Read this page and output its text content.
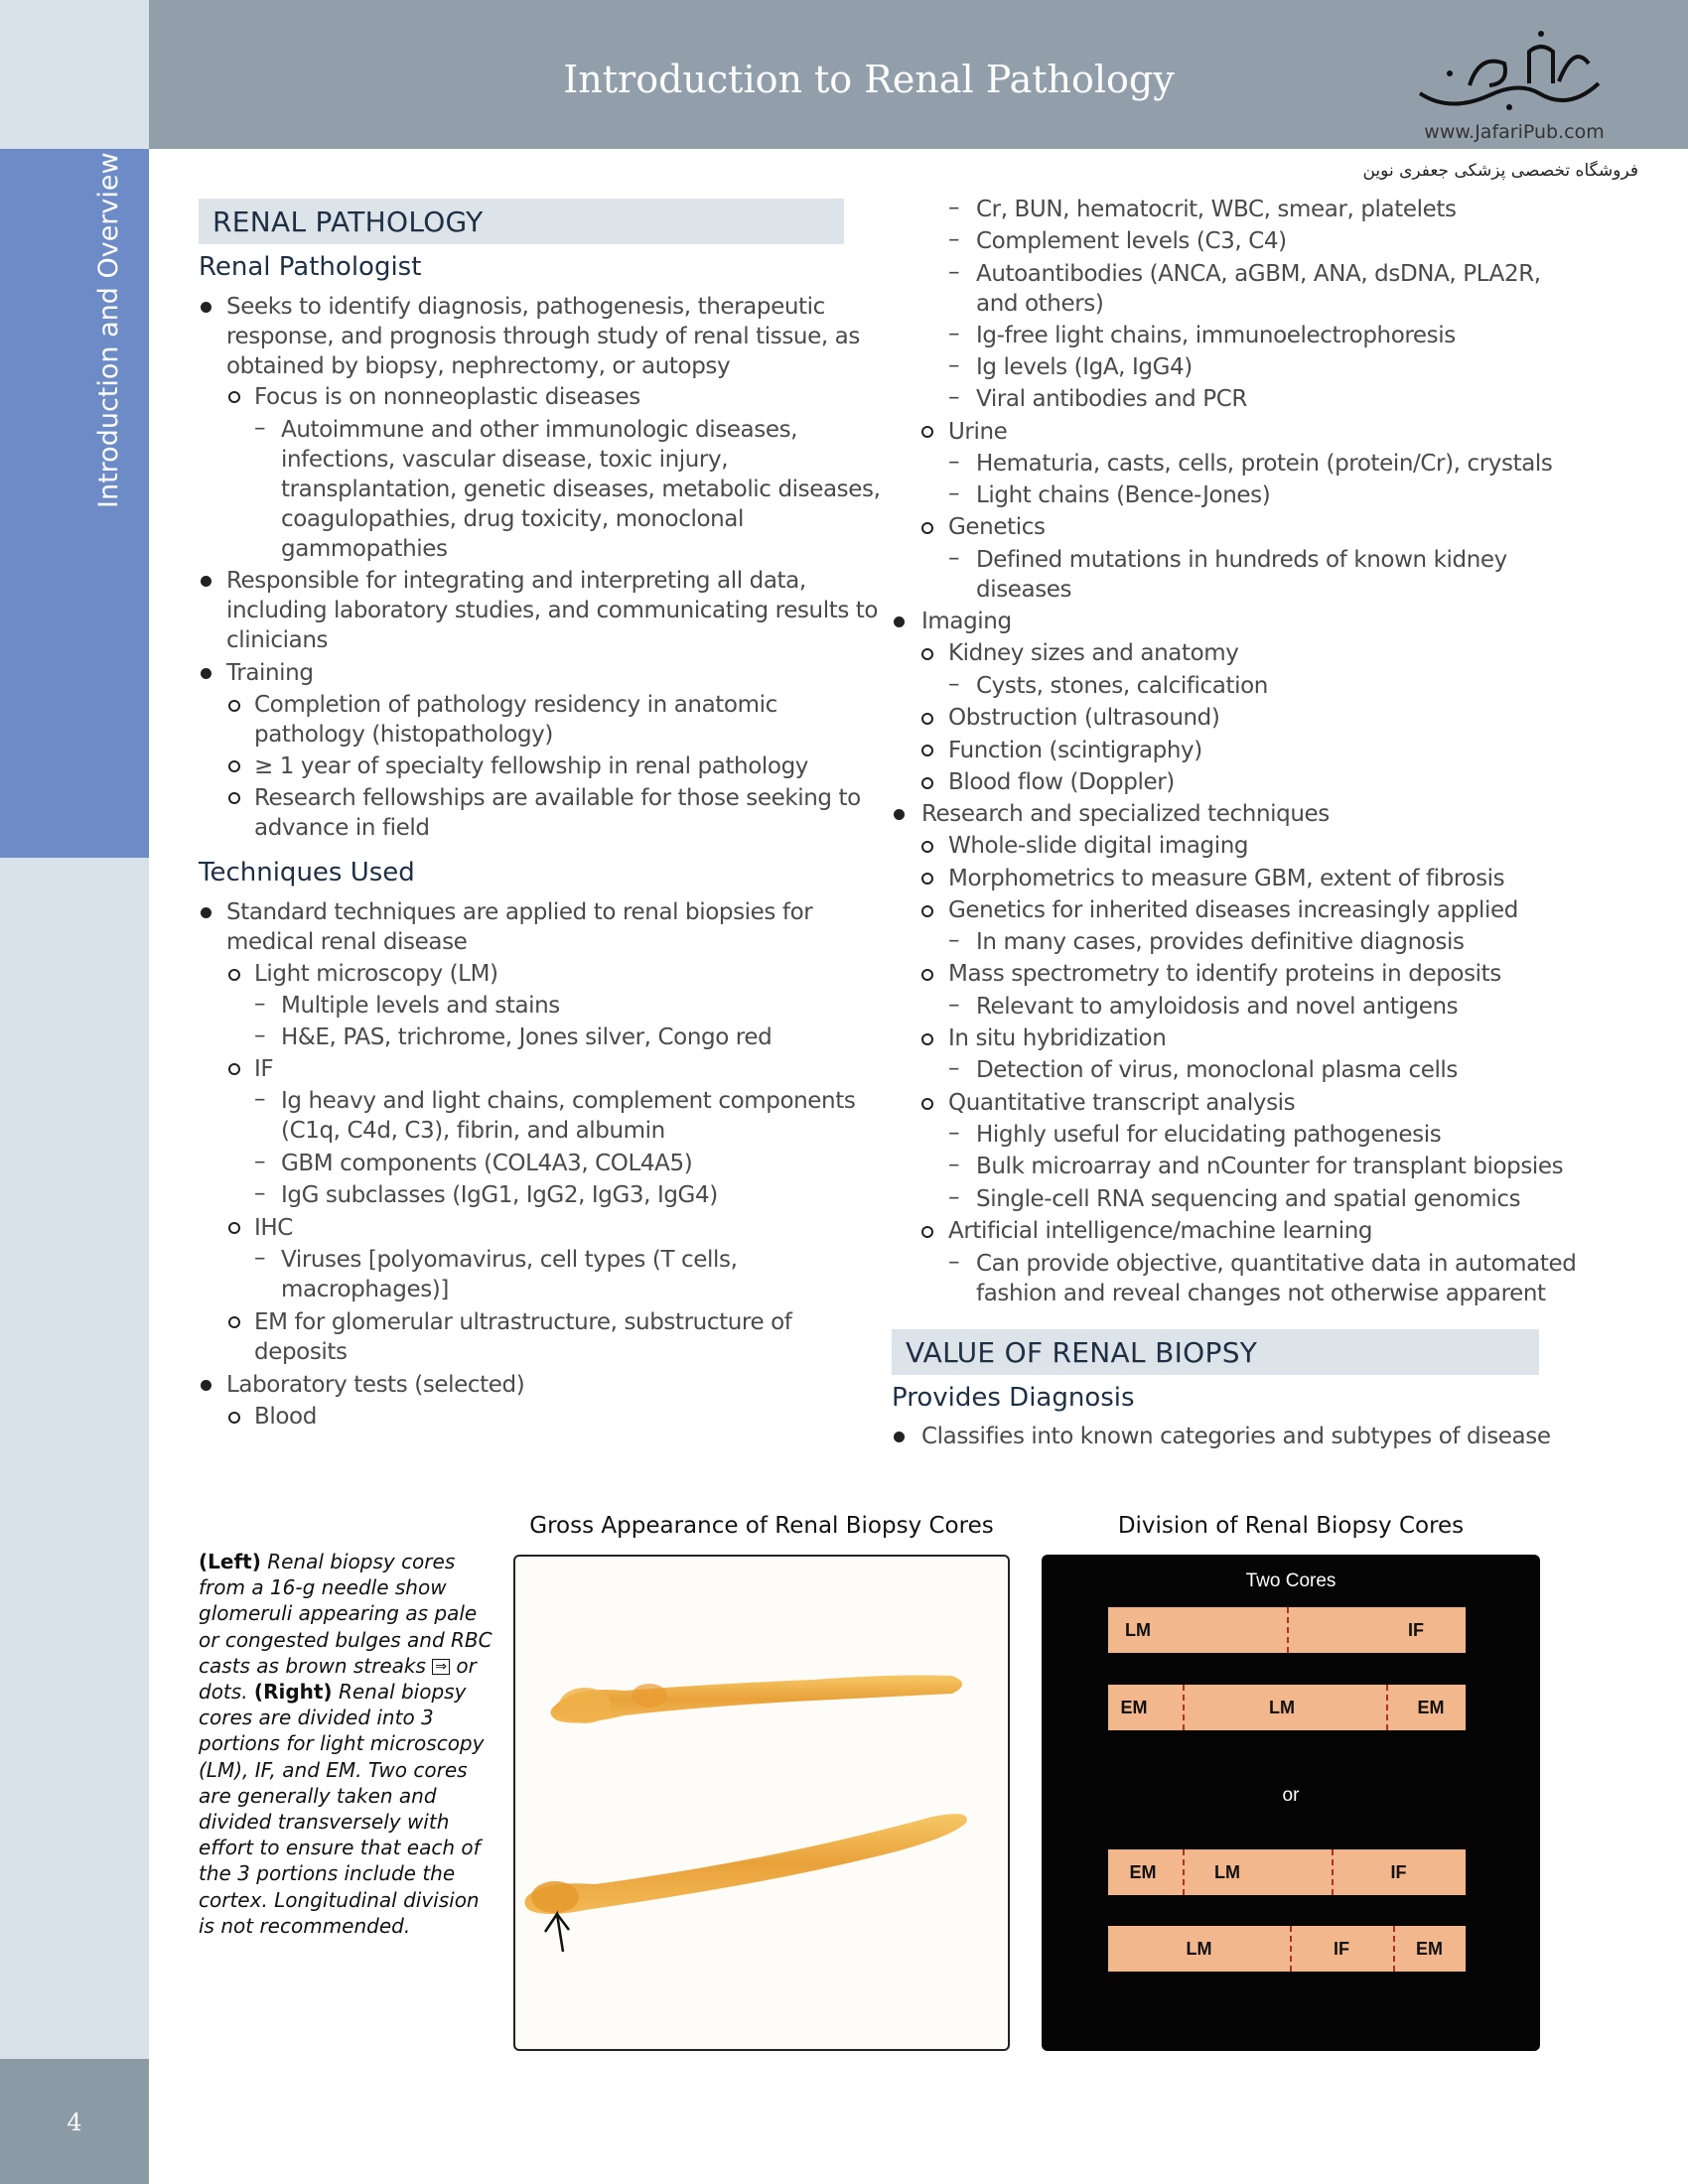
Introduction and Overview
4
Introduction to Renal Pathology
www.JafariPub.com
فروشگاه تخصصی پزشکی جعفری نوین
RENAL PATHOLOGY
Renal Pathologist
Seeks to identify diagnosis, pathogenesis, therapeutic
response, and prognosis through study of renal tissue, as
obtained by biopsy, nephrectomy, or autopsy
Focus is on nonneoplastic diseases
– Autoimmune and other immunologic diseases,
infections, vascular disease, toxic injury,
transplantation, genetic diseases, metabolic diseases,
coagulopathies, drug toxicity, monoclonal
gammopathies
Responsible for integrating and interpreting all data,
including laboratory studies, and communicating results to
clinicians
Training
Completion of pathology residency in anatomic
pathology (histopathology)
≥ 1 year of specialty fellowship in renal pathology
Research fellowships are available for those seeking to
advance in field
Techniques Used
Standard techniques are applied to renal biopsies for
medical renal disease
Light microscopy (LM)
– Multiple levels and stains
– H&E, PAS, trichrome, Jones silver, Congo red
IF
– Ig heavy and light chains, complement components
(C1q, C4d, C3), fibrin, and albumin
– GBM components (COL4A3, COL4A5)
– IgG subclasses (IgG1, IgG2, IgG3, IgG4)
IHC
– Viruses [polyomavirus, cell types (T cells,
macrophages)]
EM for glomerular ultrastructure, substructure of
deposits
Laboratory tests (selected)
Blood
– Cr, BUN, hematocrit, WBC, smear, platelets
– Complement levels (C3, C4)
– Autoantibodies (ANCA, aGBM, ANA, dsDNA, PLA2R,
and others)
– Ig-free light chains, immunoelectrophoresis
– Ig levels (IgA, IgG4)
– Viral antibodies and PCR
Urine
– Hematuria, casts, cells, protein (protein/Cr), crystals
– Light chains (Bence-Jones)
Genetics
– Defined mutations in hundreds of known kidney
diseases
Imaging
Kidney sizes and anatomy
– Cysts, stones, calcification
Obstruction (ultrasound)
Function (scintigraphy)
Blood flow (Doppler)
Research and specialized techniques
Whole-slide digital imaging
Morphometrics to measure GBM, extent of fibrosis
Genetics for inherited diseases increasingly applied
– In many cases, provides definitive diagnosis
Mass spectrometry to identify proteins in deposits
– Relevant to amyloidosis and novel antigens
In situ hybridization
– Detection of virus, monoclonal plasma cells
Quantitative transcript analysis
– Highly useful for elucidating pathogenesis
– Bulk microarray and nCounter for transplant biopsies
– Single-cell RNA sequencing and spatial genomics
Artificial intelligence/machine learning
– Can provide objective, quantitative data in automated
fashion and reveal changes not otherwise apparent
VALUE OF RENAL BIOPSY
Provides Diagnosis
Classifies into known categories and subtypes of disease
Gross Appearance of Renal Biopsy Cores	Division of Renal Biopsy Cores
(Left) Renal biopsy cores from a 16-g needle show glomeruli appearing as pale or congested bulges and RBC casts as brown streaks ⇒ or dots. (Right) Renal biopsy cores are divided into 3 portions for light microscopy (LM), IF, and EM. Two cores are generally taken and divided transversely with effort to ensure that each of the 3 portions include the cortex. Longitudinal division is not recommended.
Two Cores
LM	IF
EM	LM	EM
or
EM	LM	IF
LM	IF	EM
